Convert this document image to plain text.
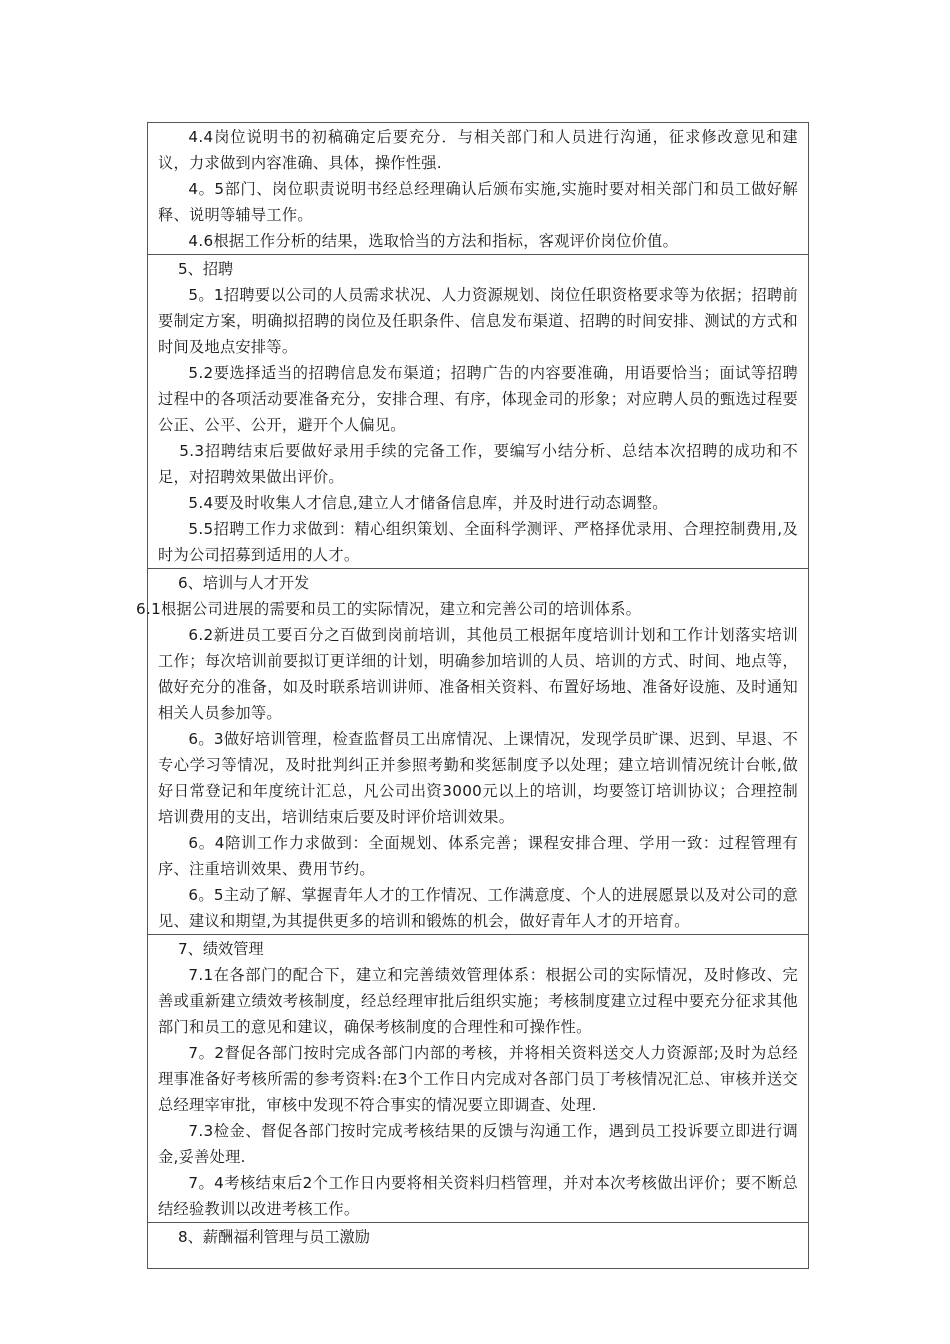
4.4岗位说明书的初稿确定后要充分．与相关部门和人员进行沟通，征求修改意见和建议，力求做到内容准确、具体，操作性强.

4。5部门、岗位职责说明书经总经理确认后颁布实施,实施时要对相关部门和员工做好解释、说明等辅导工作。

4.6根据工作分析的结果，选取恰当的方法和指标，客观评价岗位价值。

5、招聘

5。1招聘要以公司的人员需求状况、人力资源规划、岗位任职资格要求等为依据；招聘前要制定方案，明确拟招聘的岗位及任职条件、信息发布渠道、招聘的时间安排、测试的方式和时间及地点安排等。

5.2要选择适当的招聘信息发布渠道；招聘广告的内容要准确，用语要恰当；面试等招聘过程中的各项活动要准备充分，安排合理、有序，体现金司的形象；对应聘人员的甄选过程要公正、公平、公开，避开个人偏见。

5.3招聘结束后要做好录用手续的完备工作，要编写小结分析、总结本次招聘的成功和不足，对招聘效果做出评价。

5.4要及时收集人才信息,建立人才储备信息库，并及时进行动态调整。

5.5招聘工作力求做到：精心组织策划、全面科学测评、严格择优录用、合理控制费用,及时为公司招募到适用的人才。

6、培训与人才开发

6.1根据公司进展的需要和员工的实际情况，建立和完善公司的培训体系。

6.2新进员工要百分之百做到岗前培训，其他员工根据年度培训计划和工作计划落实培训工作；每次培训前要拟订更详细的计划，明确参加培训的人员、培训的方式、时间、地点等，做好充分的准备，如及时联系培训讲师、准备相关资料、布置好场地、准备好设施、及时通知相关人员参加等。

6。3做好培训管理，检查监督员工出席情况、上课情况，发现学员旷课、迟到、早退、不专心学习等情况，及时批判纠正并参照考勤和奖惩制度予以处理；建立培训情况统计台帐,做好日常登记和年度统计汇总，凡公司出资3000元以上的培训，均要签订培训协议；合理控制培训费用的支出，培训结束后要及时评价培训效果。

6。4陪训工作力求做到：全面规划、体系完善；课程安排合理、学用一致：过程管理有序、注重培训效果、费用节约。

6。5主动了解、掌握青年人才的工作情况、工作满意度、个人的进展愿景以及对公司的意见、建议和期望,为其提供更多的培训和锻炼的机会，做好青年人才的开培育。

7、绩效管理

7.1在各部门的配合下，建立和完善绩效管理体系：根据公司的实际情况，及时修改、完善或重新建立绩效考核制度，经总经理审批后组织实施；考核制度建立过程中要充分征求其他部门和员工的意见和建议，确保考核制度的合理性和可操作性。

7。2督促各部门按时完成各部门内部的考核，并将相关资料送交人力资源部;及时为总经理事准备好考核所需的参考资料:在3个工作日内完成对各部门员丁考核情况汇总、审核并送交总经理宰审批，审核中发现不符合事实的情况要立即调查、处理.

7.3检金、督促各部门按时完成考核结果的反馈与沟通工作，遇到员工投诉要立即进行调金,妥善处理.

7。4考核结束后2个工作日内要将相关资料归档管理，并对本次考核做出评价；要不断总结经验教训以改进考核工作。

8、薪酬福利管理与员工激励
